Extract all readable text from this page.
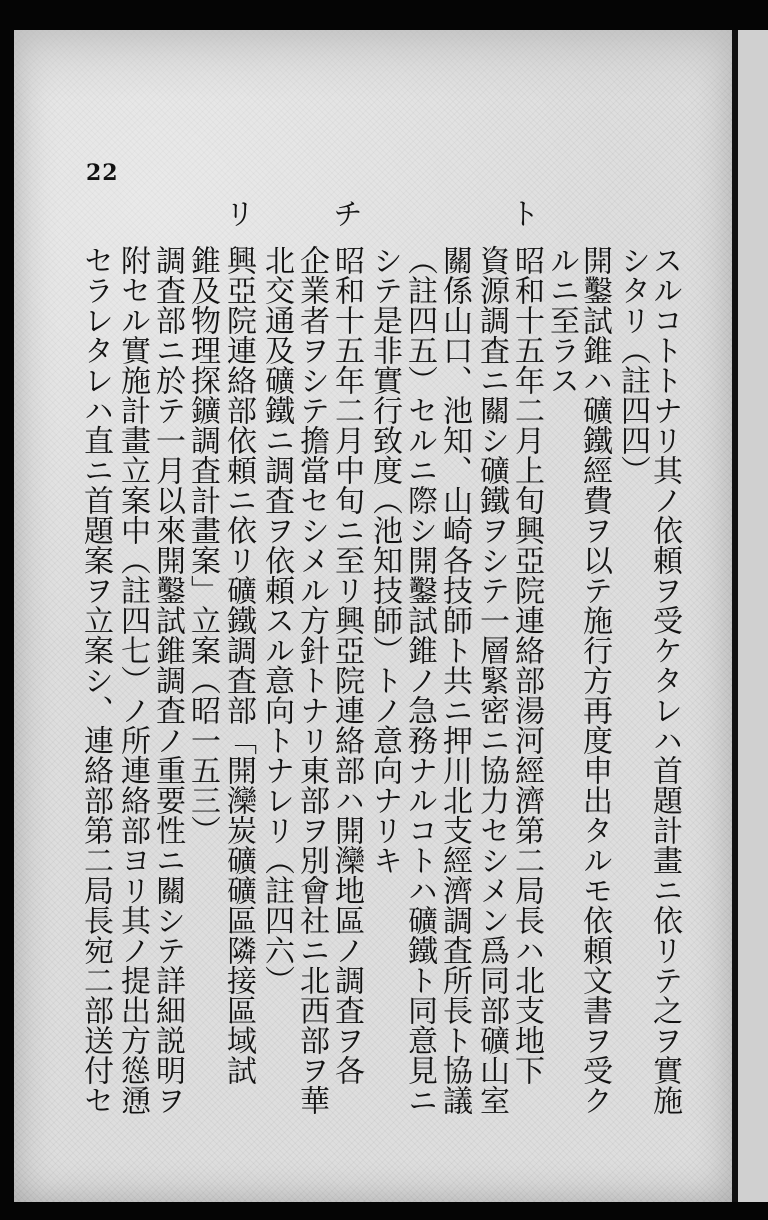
22
スルコトトナリ其ノ依頼ヲ受ケタレハ首題計畫ニ依リテ之ヲ實施
シタリ（註四四）
開鑿試錐ハ礦鐵經費ヲ以テ施行方再度申出タルモ依頼文書ヲ受ク
ルニ至ラス
昭和十五年二月上旬興亞院連絡部湯河經濟第二局長ハ北支地下
資源調査ニ關シ礦鐵ヲシテ一層緊密ニ協力セシメン爲同部礦山室
關係山口、池知、山崎各技師ト共ニ押川北支經濟調査所長ト協議
ト
（註四五）セルニ際シ開鑿試錐ノ急務ナルコトハ礦鐵ト同意見ニ
シテ是非實行致度（池知技師）トノ意向ナリキ
昭和十五年二月中旬ニ至リ興亞院連絡部ハ開灤地區ノ調査ヲ各
チ
企業者ヲシテ擔當セシメル方針トナリ東部ヲ別會社ニ北西部ヲ華
北交通及礦鐵ニ調査ヲ依頼スル意向トナレリ（註四六）
リ
興亞院連絡部依頼ニ依リ礦鐵調査部「開灤炭礦礦區隣接區域試
錐及物理探鑛調査計畫案」立案（昭一五三）
調査部ニ於テ一月以來開鑿試錐調査ノ重要性ニ關シテ詳細説明ヲ
附セル實施計畫立案中（註四七）ノ所連絡部ヨリ其ノ提出方慫慂
セラレタレハ直ニ首題案ヲ立案シ、連絡部第二局長宛二部送付セ
